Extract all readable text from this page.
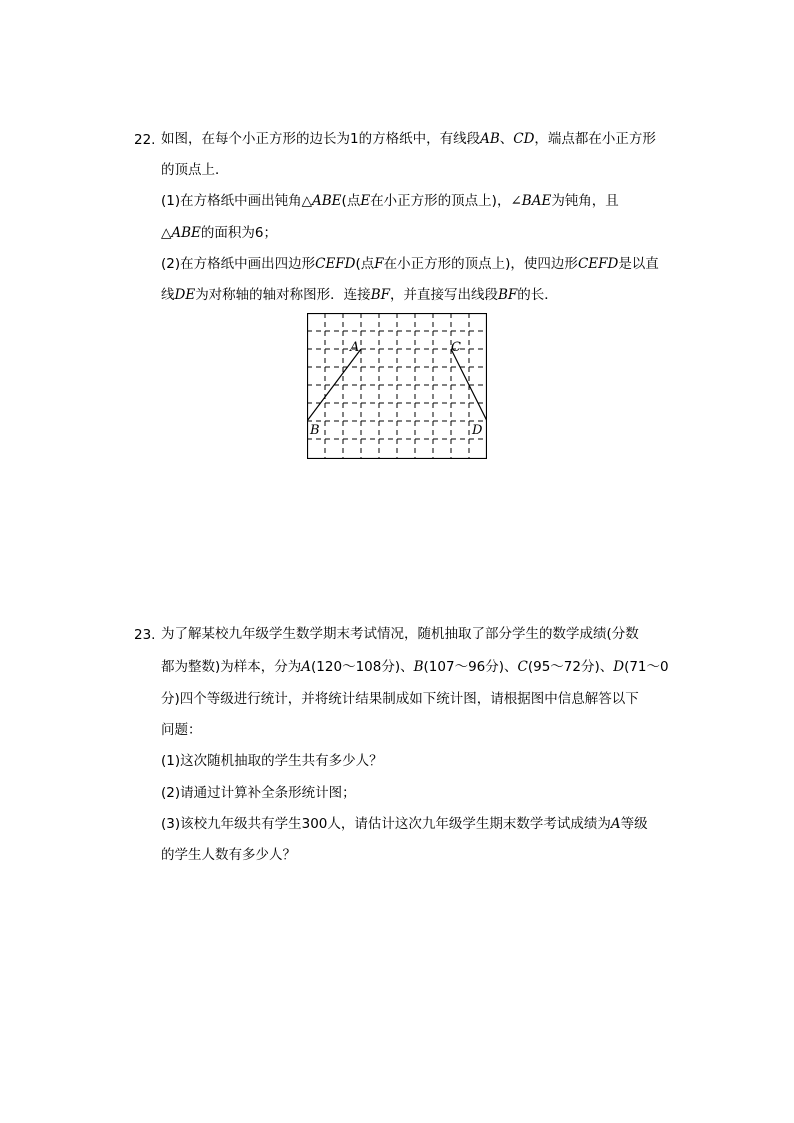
22. 如图，在每个小正方形的边长为1的方格纸中，有线段AB、CD，端点都在小正方形
的顶点上．
(1)在方格纸中画出钝角△ABE(点E在小正方形的顶点上)，∠BAE为钝角，且
△ABE的面积为6；
(2)在方格纸中画出四边形CEFD(点F在小正方形的顶点上)，使四边形CEFD是以直
线DE为对称轴的轴对称图形．连接BF，并直接写出线段BF的长．
A
B
C
D
23. 为了解某校九年级学生数学期末考试情况，随机抽取了部分学生的数学成绩(分数
都为整数)为样本，分为A(120～108分)、B(107～96分)、C(95～72分)、D(71～0
分)四个等级进行统计，并将统计结果制成如下统计图，请根据图中信息解答以下
问题：
(1)这次随机抽取的学生共有多少人？
(2)请通过计算补全条形统计图；
(3)该校九年级共有学生300人，请估计这次九年级学生期末数学考试成绩为A等级
的学生人数有多少人？
